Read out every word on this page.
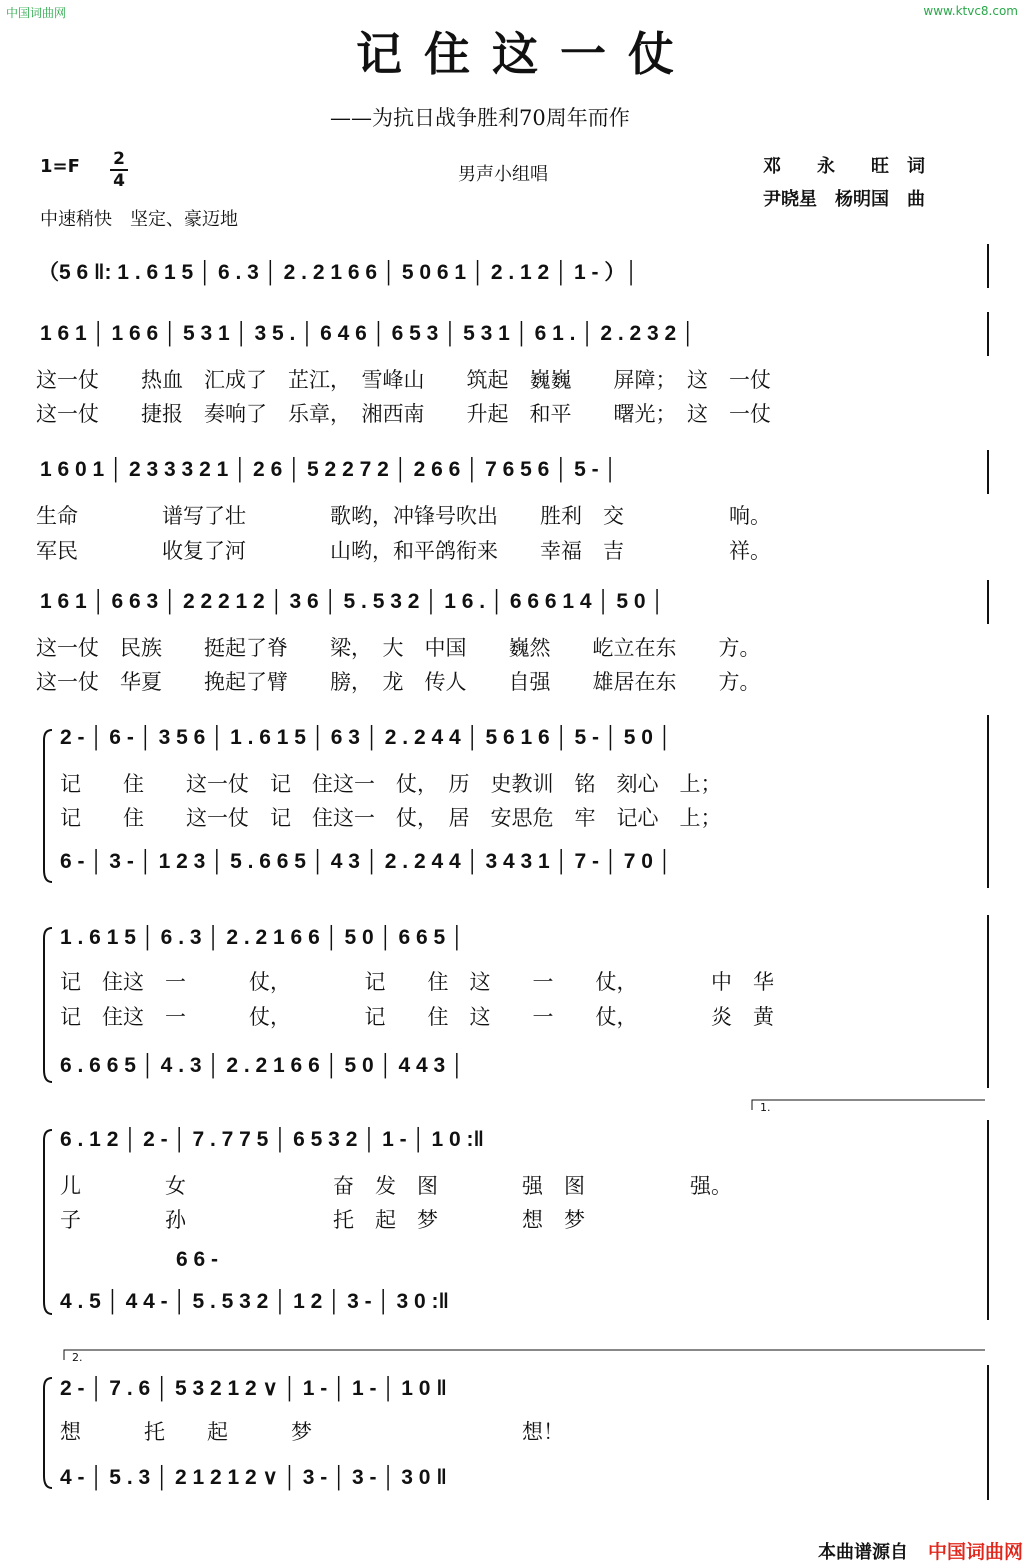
中国词曲网	www.ktvc8.com
记住这一仗
——为抗日战争胜利70周年而作
1=F 2
4	男声小组唱
中速稍快　坚定、豪迈地
邓　　永　　旺　词
尹晓星　杨明国　曲
（5 6 ‖: 1 . 6 1 5 │ 6 . 3 │ 2 . 2 1 6 6 │ 5 0 6 1 │ 2 . 1 2 │ 1 - ）│
1 6 1 │ 1 6 6 │ 5 3 1 │ 3 5 . │ 6 4 6 │ 6 5 3 │ 5 3 1 │ 6 1 . │ 2 . 2 3 2 │
这一仗　　热血　汇成了　芷江，　雪峰山　　筑起　巍巍　　屏障；　这　一仗
这一仗　　捷报　奏响了　乐章，　湘西南　　升起　和平　　曙光；　这　一仗
1 6 0 1 │ 2 3 3 3 2 1 │ 2 6 │ 5 2 2 7 2 │ 2 6 6 │ 7 6 5 6 │ 5 - │
生命　　　　谱写了壮　　　　歌哟，冲锋号吹出　　胜利　交　　　　　响。
军民　　　　收复了河　　　　山哟，和平鸽衔来　　幸福　吉　　　　　祥。
1 6 1 │ 6 6 3 │ 2 2 2 1 2 │ 3 6 │ 5 . 5 3 2 │ 1 6 . │ 6 6 6 1 4 │ 5 0 │
这一仗　民族　　挺起了脊　　梁，　大　中国　　巍然　　屹立在东　　方。
这一仗　华夏　　挽起了臂　　膀，　龙　传人　　自强　　雄居在东　　方。
2 - │ 6 - │ 3 5 6 │ 1 . 6 1 5 │ 6 3 │ 2 . 2 4 4 │ 5 6 1 6 │ 5 - │ 5 0 │
记　　住　　这一仗　记　住这一　仗，　历　史教训　铭　刻心　上；
记　　住　　这一仗　记　住这一　仗，　居　安思危　牢　记心　上；
6 - │ 3 - │ 1 2 3 │ 5 . 6 6 5 │ 4 3 │ 2 . 2 4 4 │ 3 4 3 1 │ 7 - │ 7 0 │
1 . 6 1 5 │ 6 . 3 │ 2 . 2 1 6 6 │ 5 0 │ 6 6 5 │
记　住这　一　　　仗，　　　　记　　住　这　　一　　仗，　　　　中　华
记　住这　一　　　仗，　　　　记　　住　这　　一　　仗，　　　　炎　黄
6 . 6 6 5 │ 4 . 3 │ 2 . 2 1 6 6 │ 5 0 │ 4 4 3 │
1.
6 . 1 2 │ 2 - │ 7 . 7 7 5 │ 6 5 3 2 │ 1 - │ 1 0 :‖
儿　　　　女　　　　　　　奋　发　图　　　　强　图　　　　　强。
子　　　　孙　　　　　　　托　起　梦　　　　想　梦
6 6 -
4 . 5 │ 4 4 - │ 5 . 5 3 2 │ 1 2 │ 3 - │ 3 0 :‖
2.
2 - │ 7 . 6 │ 5 3 2 1 2 ∨ │ 1 - │ 1 - │ 1 0 ‖
想　　　托　　起　　　梦　　　　　　　　　　想！
4 - │ 5 . 3 │ 2 1 2 1 2 ∨ │ 3 - │ 3 - │ 3 0 ‖
本曲谱源自 中国词曲网
